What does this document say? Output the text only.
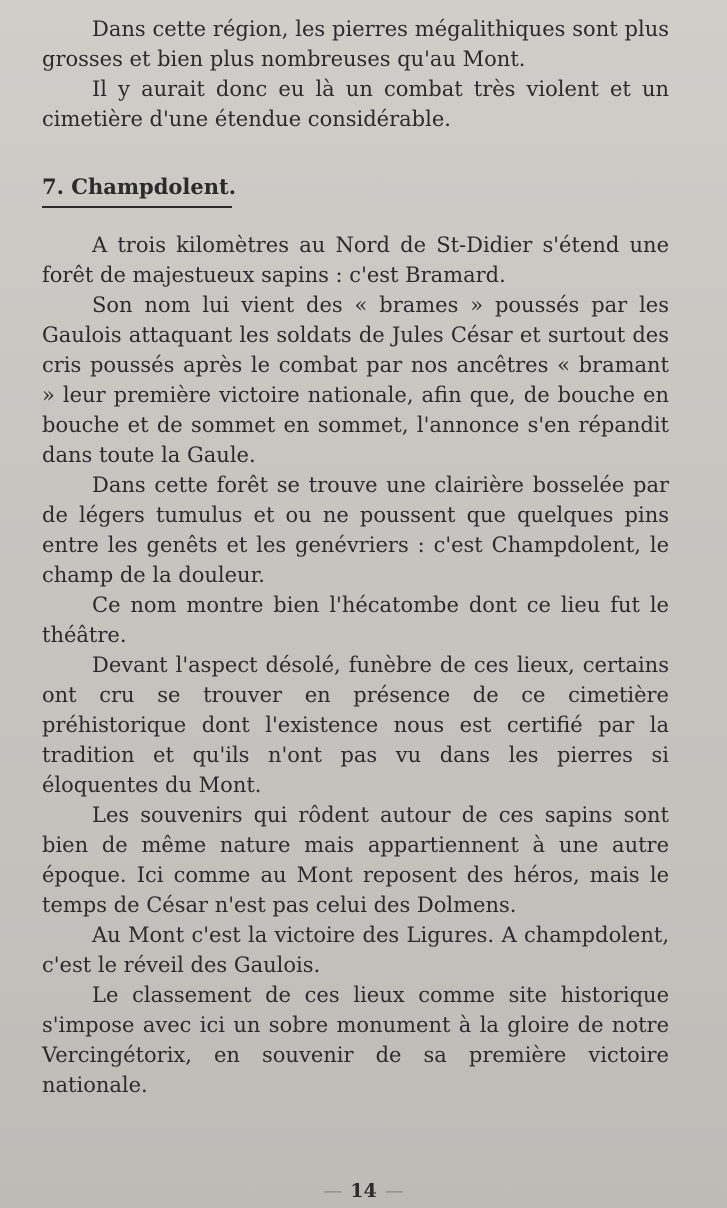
Dans cette région, les pierres mégalithiques sont plus grosses et bien plus nombreuses qu'au Mont.

Il y aurait donc eu là un combat très violent et un cimetière d'une étendue considérable.

7. Champdolent.

A trois kilomètres au Nord de St-Didier s'étend une forêt de majestueux sapins : c'est Bramard.

Son nom lui vient des « brames » poussés par les Gaulois attaquant les soldats de Jules César et surtout des cris poussés après le combat par nos ancêtres « bramant » leur première victoire nationale, afin que, de bouche en bouche et de sommet en sommet, l'annonce s'en répandit dans toute la Gaule.

Dans cette forêt se trouve une clairière bosselée par de légers tumulus et ou ne poussent que quelques pins entre les genêts et les genévriers : c'est Champdolent, le champ de la douleur.

Ce nom montre bien l'hécatombe dont ce lieu fut le théâtre.

Devant l'aspect désolé, funèbre de ces lieux, certains ont cru se trouver en présence de ce cimetière préhistorique dont l'existence nous est certifié par la tradition et qu'ils n'ont pas vu dans les pierres si éloquentes du Mont.

Les souvenirs qui rôdent autour de ces sapins sont bien de même nature mais appartiennent à une autre époque. Ici comme au Mont reposent des héros, mais le temps de César n'est pas celui des Dolmens.

Au Mont c'est la victoire des Ligures. A champdolent, c'est le réveil des Gaulois.

Le classement de ces lieux comme site historique s'impose avec ici un sobre monument à la gloire de notre Vercingétorix, en souvenir de sa première victoire nationale.

— 14 —
